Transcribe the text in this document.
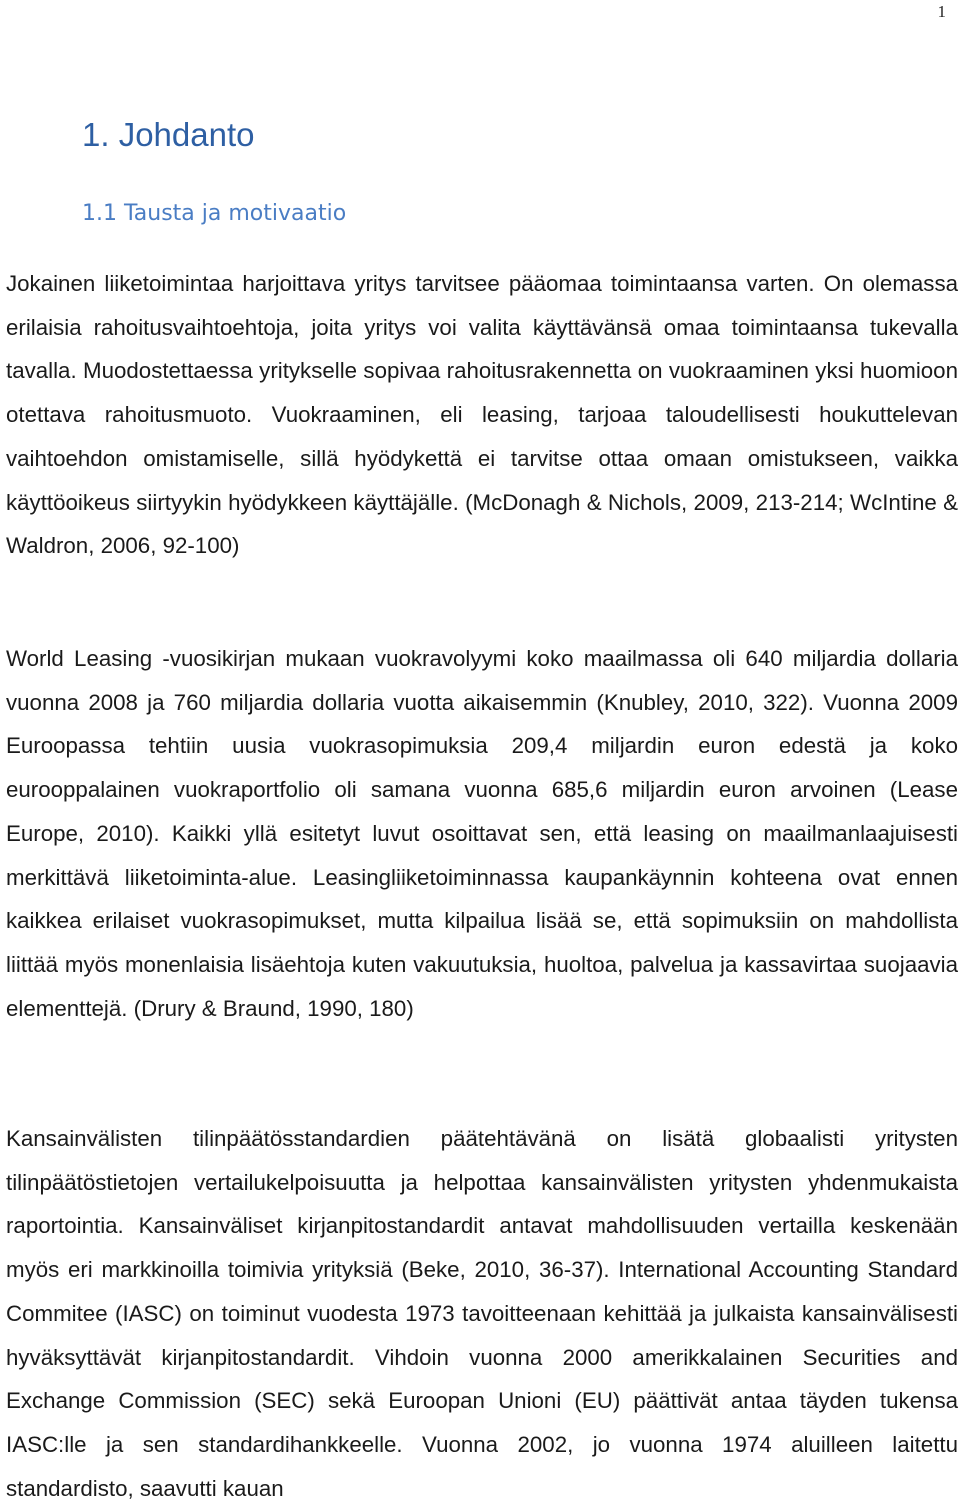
1
1. Johdanto
1.1 Tausta ja motivaatio

Jokainen liiketoimintaa harjoittava yritys tarvitsee pääomaa toimintaansa varten. On olemassa erilaisia rahoitusvaihtoehtoja, joita yritys voi valita käyttävänsä omaa toimintaansa tukevalla tavalla. Muodostettaessa yritykselle sopivaa rahoitusrakennetta on vuokraaminen yksi huomioon otettava rahoitusmuoto. Vuokraaminen, eli leasing, tarjoaa taloudellisesti houkuttelevan vaihtoehdon omistamiselle, sillä hyödykettä ei tarvitse ottaa omaan omistukseen, vaikka käyttöoikeus siirtyykin hyödykkeen käyttäjälle. (McDonagh & Nichols, 2009, 213-214; WcIntine & Waldron, 2006, 92-100)

World Leasing -vuosikirjan mukaan vuokravolyymi koko maailmassa oli 640 miljardia dollaria vuonna 2008 ja 760 miljardia dollaria vuotta aikaisemmin (Knubley, 2010, 322). Vuonna 2009 Euroopassa tehtiin uusia vuokrasopimuksia 209,4 miljardin euron edestä ja koko eurooppalainen vuokraportfolio oli samana vuonna 685,6 miljardin euron arvoinen (Lease Europe, 2010). Kaikki yllä esitetyt luvut osoittavat sen, että leasing on maailmanlaajuisesti merkittävä liiketoiminta-alue. Leasingliiketoiminnassa kaupankäynnin kohteena ovat ennen kaikkea erilaiset vuokrasopimukset, mutta kilpailua lisää se, että sopimuksiin on mahdollista liittää myös monenlaisia lisäehtoja kuten vakuutuksia, huoltoa, palvelua ja kassavirtaa suojaavia elementtejä. (Drury & Braund, 1990, 180)

Kansainvälisten tilinpäätösstandardien päätehtävänä on lisätä globaalisti yritysten tilinpäätöstietojen vertailukelpoisuutta ja helpottaa kansainvälisten yritysten yhdenmukaista raportointia. Kansainväliset kirjanpitostandardit antavat mahdollisuuden vertailla keskenään myös eri markkinoilla toimivia yrityksiä (Beke, 2010, 36-37). International Accounting Standard Commitee (IASC) on toiminut vuodesta 1973 tavoitteenaan kehittää ja julkaista kansainvälisesti hyväksyttävät kirjanpitostandardit. Vihdoin vuonna 2000 amerikkalainen Securities and Exchange Commission (SEC) sekä Euroopan Unioni (EU) päättivät antaa täyden tukensa IASC:lle ja sen standardihankkeelle. Vuonna 2002, jo vuonna 1974 aluilleen laitettu standardisto, saavutti kauan
